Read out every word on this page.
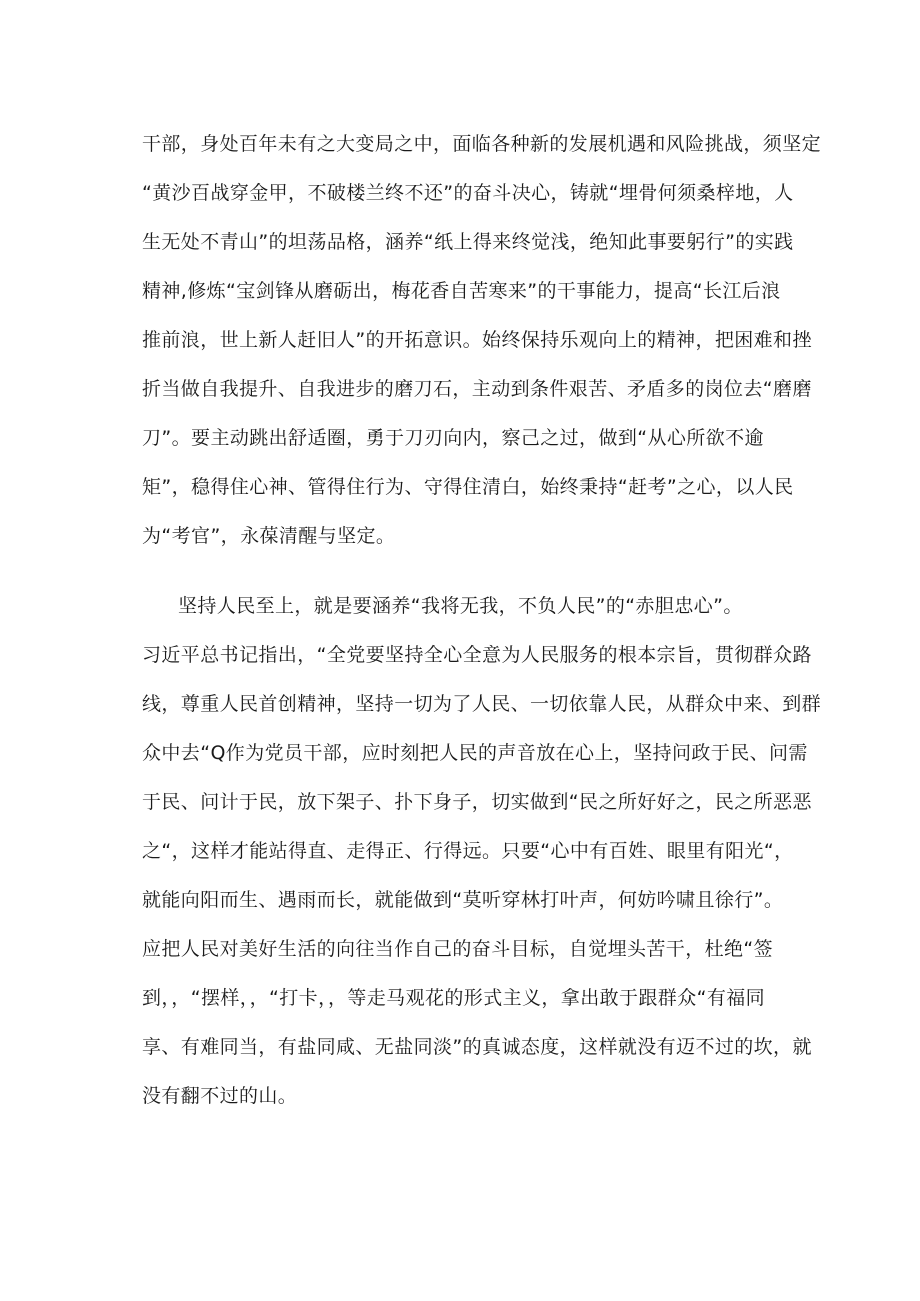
干部，身处百年未有之大变局之中，面临各种新的发展机遇和风险挑战，须坚定
“黄沙百战穿金甲，不破楼兰终不还”的奋斗决心，铸就“埋骨何须桑梓地，人
生无处不青山”的坦荡品格，涵养“纸上得来终觉浅，绝知此事要躬行”的实践
精神,修炼“宝剑锋从磨砺出，梅花香自苦寒来”的干事能力，提高“长江后浪
推前浪，世上新人赶旧人”的开拓意识。始终保持乐观向上的精神，把困难和挫
折当做自我提升、自我进步的磨刀石，主动到条件艰苦、矛盾多的岗位去“磨磨
刀”。要主动跳出舒适圈，勇于刀刃向内，察己之过，做到“从心所欲不逾
矩”，稳得住心神、管得住行为、守得住清白，始终秉持“赶考”之心，以人民
为“考官”，永葆清醒与坚定。
坚持人民至上，就是要涵养“我将无我，不负人民”的“赤胆忠心”。
习近平总书记指出，“全党要坚持全心全意为人民服务的根本宗旨，贯彻群众路
线，尊重人民首创精神，坚持一切为了人民、一切依靠人民，从群众中来、到群
众中去“Q作为党员干部，应时刻把人民的声音放在心上，坚持问政于民、问需
于民、问计于民，放下架子、扑下身子，切实做到“民之所好好之，民之所恶恶
之“，这样才能站得直、走得正、行得远。只要“心中有百姓、眼里有阳光“，
就能向阳而生、遇雨而长，就能做到“莫听穿林打叶声，何妨吟啸且徐行”。
应把人民对美好生活的向往当作自己的奋斗目标，自觉埋头苦干，杜绝“签
到，，“摆样，，“打卡，，等走马观花的形式主义，拿出敢于跟群众“有福同
享、有难同当，有盐同咸、无盐同淡”的真诚态度，这样就没有迈不过的坎，就
没有翻不过的山。
